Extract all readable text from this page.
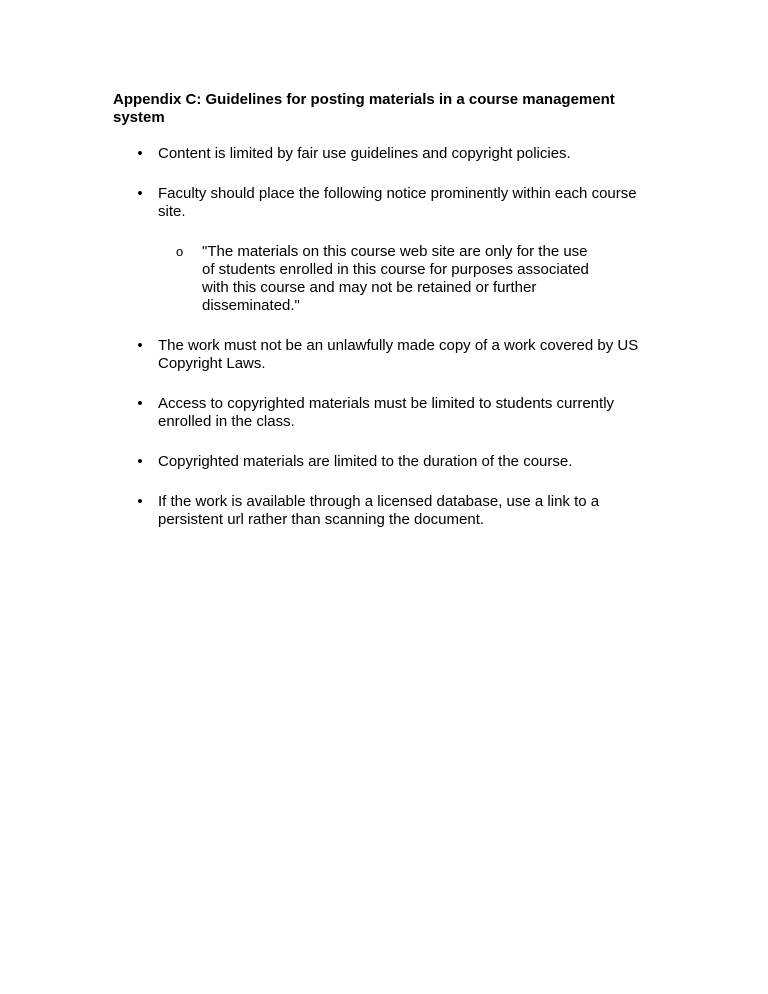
Appendix C: Guidelines for posting materials in a course management system
• Content is limited by fair use guidelines and copyright policies.
• Faculty should place the following notice prominently within each course site.
o "The materials on this course web site are only for the use of students enrolled in this course for purposes associated with this course and may not be retained or further disseminated."
• The work must not be an unlawfully made copy of a work covered by US Copyright Laws.
• Access to copyrighted materials must be limited to students currently enrolled in the class.
• Copyrighted materials are limited to the duration of the course.
• If the work is available through a licensed database, use a link to a persistent url rather than scanning the document.
